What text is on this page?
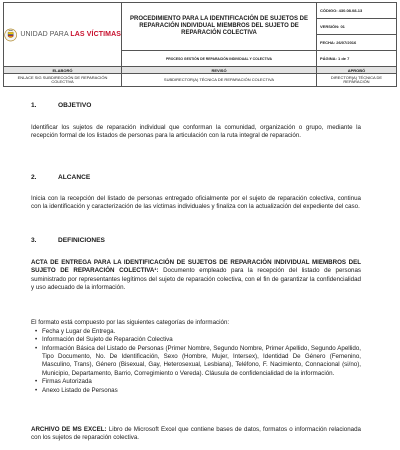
UNIDAD PARA LAS VÍCTIMAS	PROCEDIMIENTO PARA LA IDENTIFICACIÓN DE SUJETOS DE REPARACIÓN INDIVIDUAL MIEMBROS DEL SUJETO DE REPARACIÓN COLECTIVA	CÓDIGO: 430.08.08-13
		VERSIÓN: 01
		FECHA: 26/07/2016
	PROCESO GESTIÓN DE REPARACIÓN INDIVIDUAL Y COLECTIVA	PÁGINA: 1 de 7
ELABORÓ	REVISÓ	APROBÓ
ENLACE SIG SUBDIRECCIÓN DE REPARACIÓN COLECTIVA	SUBDIRECTOR(A) TÉCNICA DE REPARACIÓN COLECTIVA	DIRECTOR(A) TÉCNICA DE REPARACIÓN
1.	OBJETIVO

Identificar los sujetos de reparación individual que conforman la comunidad, organización o grupo, mediante la recepción formal de los listados de personas para la articulación con la ruta integral de reparación.

2.	ALCANCE

Inicia con la recepción del listado de personas entregado oficialmente por el sujeto de reparación colectiva, continua con la identificación y caracterización de las víctimas individuales y finaliza con la actualización del expediente del caso.

3.	DEFINICIONES

ACTA DE ENTREGA PARA LA IDENTIFICACIÓN DE SUJETOS DE REPARACIÓN INDIVIDUAL MIEMBROS DEL SUJETO DE REPARACIÓN COLECTIVA¹: Documento empleado para la recepción del listado de personas suministrado por representantes legítimos del sujeto de reparación colectiva, con el fin de garantizar la confidencialidad y uso adecuado de la información.

El formato está compuesto por las siguientes categorías de información:

• Fecha y Lugar de Entrega.
• Información del Sujeto de Reparación Colectiva
• Información Básica del Listado de Personas (Primer Nombre, Segundo Nombre, Primer Apellido, Segundo Apellido, Tipo Documento, No. De Identificación, Sexo (Hombre, Mujer, Intersex), Identidad De Género (Femenino, Masculino, Trans), Género (Bisexual, Gay, Heterosexual, Lesbiana), Teléfono, F. Nacimiento, Connacional (si/no), Municipio, Departamento, Barrio, Corregimiento o Vereda). Cláusula de confidencialidad de la información.
• Firmas Autorizada
• Anexo Listado de Personas

ARCHIVO DE MS EXCEL: Libro de Microsoft Excel que contiene bases de datos, formatos o información relacionada con los sujetos de reparación colectiva.
